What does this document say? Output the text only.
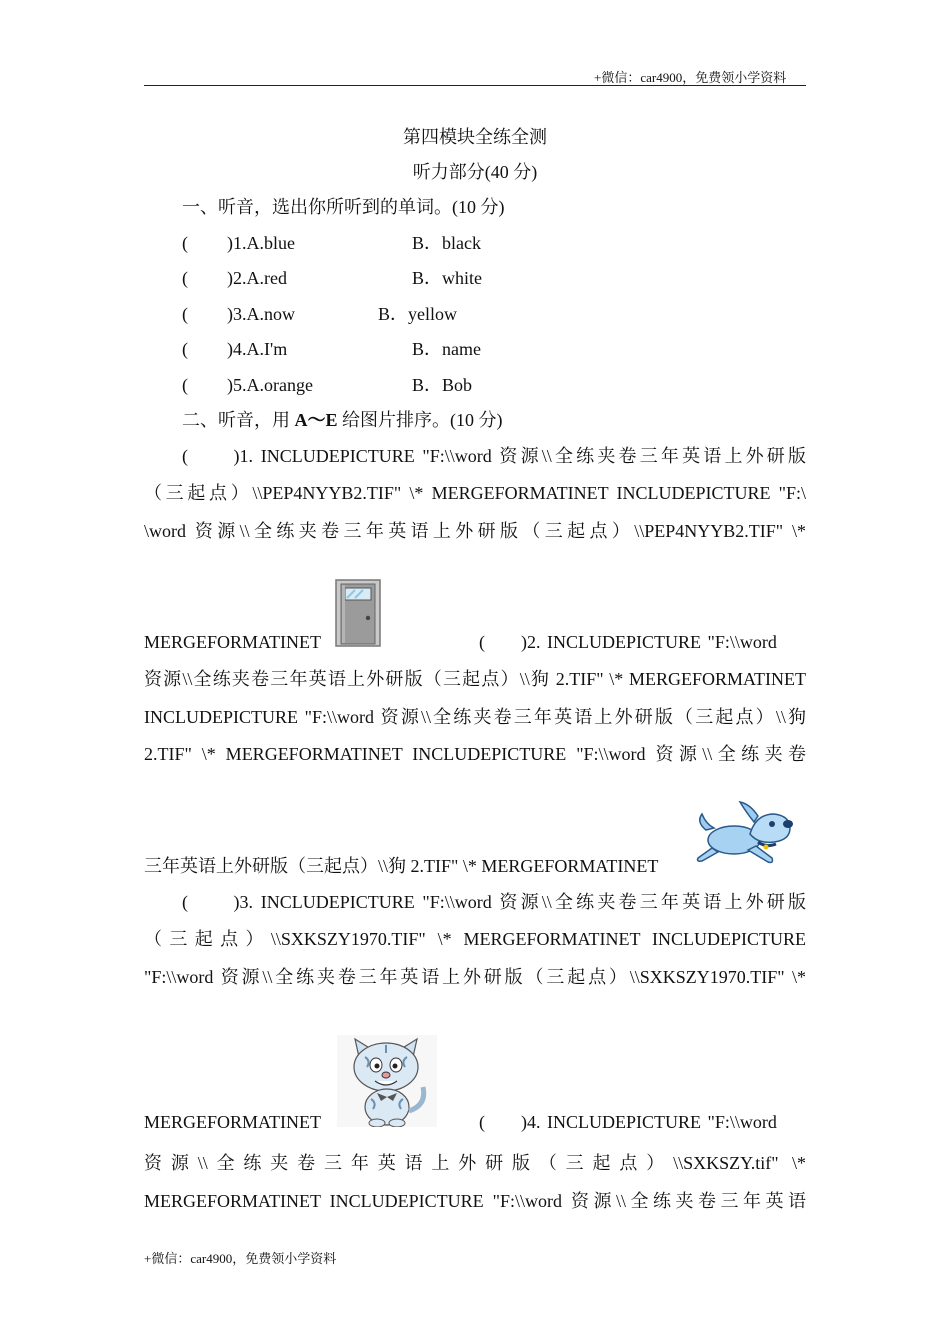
+微信：car4900，免费领小学资料
第四模块全练全测
听力部分(40 分)
一、听音，选出你所听到的单词。(10 分)
( )1.A.blue	B．black
( )2.A.red	B．white
( )3.A.now	B．yellow
( )4.A.I'm	B．name
( )5.A.orange	B．Bob
二、听音，用 A～E 给图片排序。(10 分)
(　　)1. INCLUDEPICTURE "F:\\word 资源\\全练夹卷三年英语上外研版
（三起点）\\PEP4NYYB2.TIF" \* MERGEFORMATINET INCLUDEPICTURE "F:\
\word 资源\\全练夹卷三年英语上外研版（三起点）\\PEP4NYYB2.TIF" \*
MERGEFORMATINET	(　　)2. INCLUDEPICTURE "F:\\word
资源\\全练夹卷三年英语上外研版（三起点）\\狗 2.TIF" \* MERGEFORMATINET
INCLUDEPICTURE "F:\\word 资源\\全练夹卷三年英语上外研版（三起点）\\狗
2.TIF" \* MERGEFORMATINET INCLUDEPICTURE "F:\\word 资源\\全练夹卷
三年英语上外研版（三起点）\\狗 2.TIF" \* MERGEFORMATINET
(　　)3. INCLUDEPICTURE "F:\\word 资源\\全练夹卷三年英语上外研版
（三起点）\\SXKSZY1970.TIF" \* MERGEFORMATINET INCLUDEPICTURE
"F:\\word 资源\\全练夹卷三年英语上外研版（三起点）\\SXKSZY1970.TIF" \*
MERGEFORMATINET	(　　)4. INCLUDEPICTURE "F:\\word
资源\\全练夹卷三年英语上外研版（三起点）\\SXKSZY.tif" \*
MERGEFORMATINET INCLUDEPICTURE "F:\\word 资源\\全练夹卷三年英语
+微信：car4900，免费领小学资料
